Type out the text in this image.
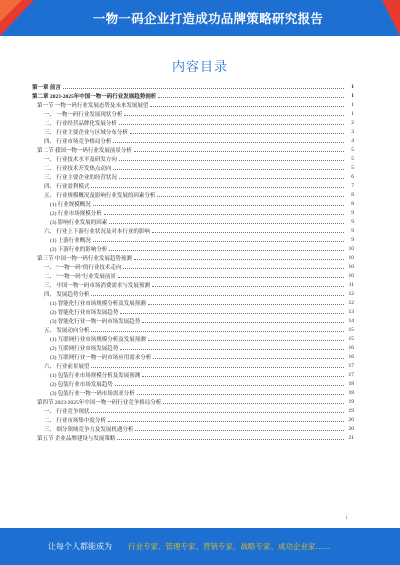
一物一码企业打造成功品牌策略研究报告
内容目录
第一章 前言	1
第二章 2023-2025年中国一物一码行业发展趋势剖析	1
第一节 一物一码行业发展态势及未来发展展望	1
一、 一物一码行业发展现状分析	1
二、 行业经营品牌化发展分析	2
三、 行业主要企业与区域分布分析	3
四、 行业市场竞争格局分析	4
第二节 我国一物一码行业发展前景分析	5
一、 行业技术水平及研发方向	5
二、 行业技术开发热点动向	5
三、 行业主要企业的经营状况	6
四、 行业盈利模式	7
五、 行业规模概况及影响行业发展的因素分析	8
(1) 行业规模概况	8
(2) 行业市场规模分析	9
(3) 影响行业发展的因素	9
六、 行业上下游行业状况及对本行业的影响	9
(1) 上游行业概况	9
(2) 下游行业的影响分析	10
第三节 中国一物一码行业发展趋势预测	10
一、 "一物一码"的行业技术走向	10
二、 "一物一码"行业发展前景	10
三、 中国一物一码市场消费需求与发展预测	11
四、 发展趋势分析	12
(1) 智能化行业市场规模分析及发展预测	12
(2) 智能化行业市场发展趋势	13
(3) 智能化行业一物一码市场发展趋势	14
五、 发展动向分析	15
(1) 互联网行业市场规模分析及发展预测	15
(2) 互联网行业市场发展趋势	16
(3) 互联网行业一物一码市场应用需求分析	16
六、 行业前景展望	17
(1) 包装行业市场规模分析及发展预测	17
(2) 包装行业市场发展趋势	18
(3) 包装行业一物一码市场需求分析	18
第四节 2023-2025年中国一物一码行业竞争格局分析	19
一、 行业竞争现状	19
二、 行业市场集中度分析	20
三、 细分领域竞争力及发展机遇分析	20
第五节 企业品牌建设与发展策略	21
i
让每个人都能成为 行业专家、管理专家、营销专家、战略专家、成功企业家……
